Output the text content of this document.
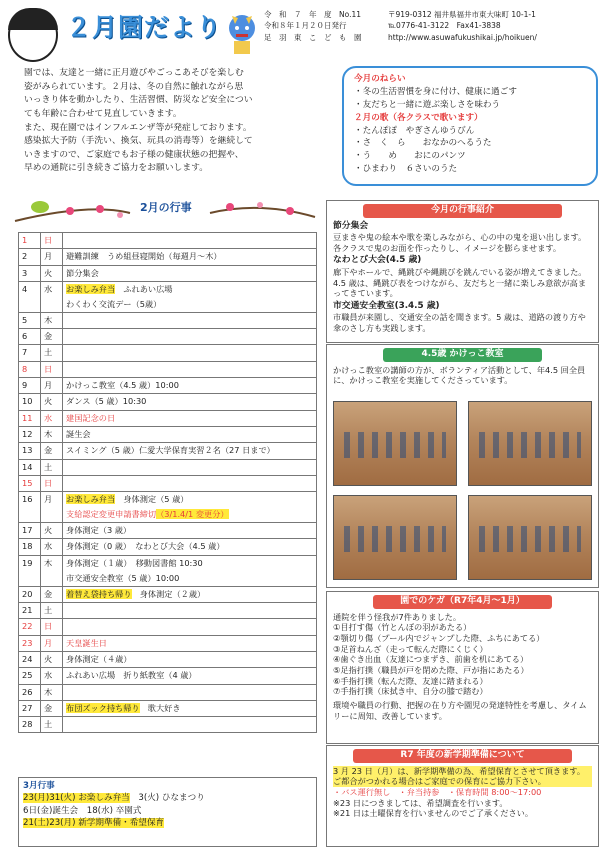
２月園だより	令　和　７　年　度　No.11
令和８年１月２０日発行
足　羽　東　こ　ど　も　園
〒919-0312 福井県福井市東大味町 10-1-1
℡0776-41-3122　Fax41-3838
http://www.asuwafukushikai.jp/hoikuen/
園では、友達と一緒に正月遊びやごっこあそびを楽しむ
姿がみられています。２月は、冬の自然に触れながら思
いっきり体を動かしたり、生活習慣、防災など安全につい
ても年齢に合わせて見直していきます。
また、現在園ではインフルエンザ等が発症しております。
感染拡大予防（手洗い、換気、玩具の消毒等）を継続して
いきますので、ご家庭でもお子様の健康状態の把握や、
早めの通院に引き続きご協力をお願いします。
今月のねらい
・冬の生活習慣を身に付け、健康に過ごす
・友だちと一緒に遊ぶ楽しさを味わう
２月の歌（各クラスで歌います）
・たんぽぽ　やぎさんゆうびん
・さ　く　ら　　おなかのへるうた
・う　　め　　おにのパンツ
・ひまわり　６さいのうた
2月の行事
1	日	

2	月	避難訓練　うめ組昼寝開始（毎週月～木）

3	火	節分集会

4	水	お楽しみ弁当　ふれあい広場
わくわく交流デー（5歳）

5	木	

6	金	

7	土	

8	日	

9	月	かけっこ教室（4.5 歳）10:00

10	火	ダンス（5 歳）10:30

11	水	建国記念の日

12	木	誕生会

13	金	スイミング（5 歳）仁愛大学保育実習２名（27 日まで）

14	土	

15	日	

16	月	お楽しみ弁当　身体測定（5 歳）
支給認定変更申請書締切（3/1.4/1 変更分）

17	火	身体測定（3 歳）

18	水	身体測定（0 歳）　なわとび大会（4.5 歳）

19	木	身体測定（１歳）　移動図書館 10:30
市交通安全教室（5 歳）10:00

20	金	着替え袋持ち帰り　身体測定（２歳）

21	土	

22	日	

23	月	天皇誕生日

24	火	身体測定（４歳）

25	水	ふれあい広場　折り紙教室（4 歳）

26	木	

27	金	布団ズック持ち帰り　歌大好き

28	土	
3月行事
23(月)31(火) お楽しみ弁当　3(火) ひなまつり
6日(金)誕生会　18(水) 卒園式
21(土)23(月) 新学期準備・希望保育
今月の行事紹介
節分集会
豆まきや鬼の絵本や歌を楽しみながら、心の中の鬼を退い出します。各クラスで鬼のお面を作ったりし、イメージを膨らませます。
なわとび大会(4.5 歳)
廊下やホールで、縄跳びや縄跳びを跳んでいる姿が増えてきました。4.5 歳は、縄跳び表をつけながら、友だちと一緒に楽しみ意欲が高まってきています。
市交通安全教室(3.4.5 歳)
市職員が来園し、交通安全の話を聞きます。5 歳は、道路の渡り方や傘のさし方も実践します。
4.5歳 かけっこ教室
かけっこ教室の講師の方が、ボランティア活動として、年4.5 回全員に、かけっこ教室を実施してくださっています。
園でのケガ（R7年4月～1月）
通院を伴う怪我が7件ありました。
①目打す傷（竹とんぼの羽があたる）
②顎切り傷（プール内でジャンプした際、ふちにあてる）
③足首ねんざ（走って転んだ際にくじく）
④歯ぐき出血（友達につまずき、前歯を机にあてる）
⑤足指打撲（職員が戸を閉めた際、戸が指にあたる）
⑥手指打撲（転んだ際、友達に踏まれる）
⑦手指打撲（床拭き中、自分の膝で踏む）
環境や職員の行動、把握の在り方や園児の発達特性を考慮し、タイムリーに周知、改善しています。
R7 年度の新学期準備について
3 月 23 日（月）は、新学期準備の為、希望保育とさせて頂きます。ご都合がつかれる場合はご家庭での保育にご協力下さい。
・バス運行無し　 ・弁当持参　 ・保育時間 8:00～17:00
※23 日につきましては、希望調査を行います。
※21 日は土曜保育を行いませんのでご了承ください。
